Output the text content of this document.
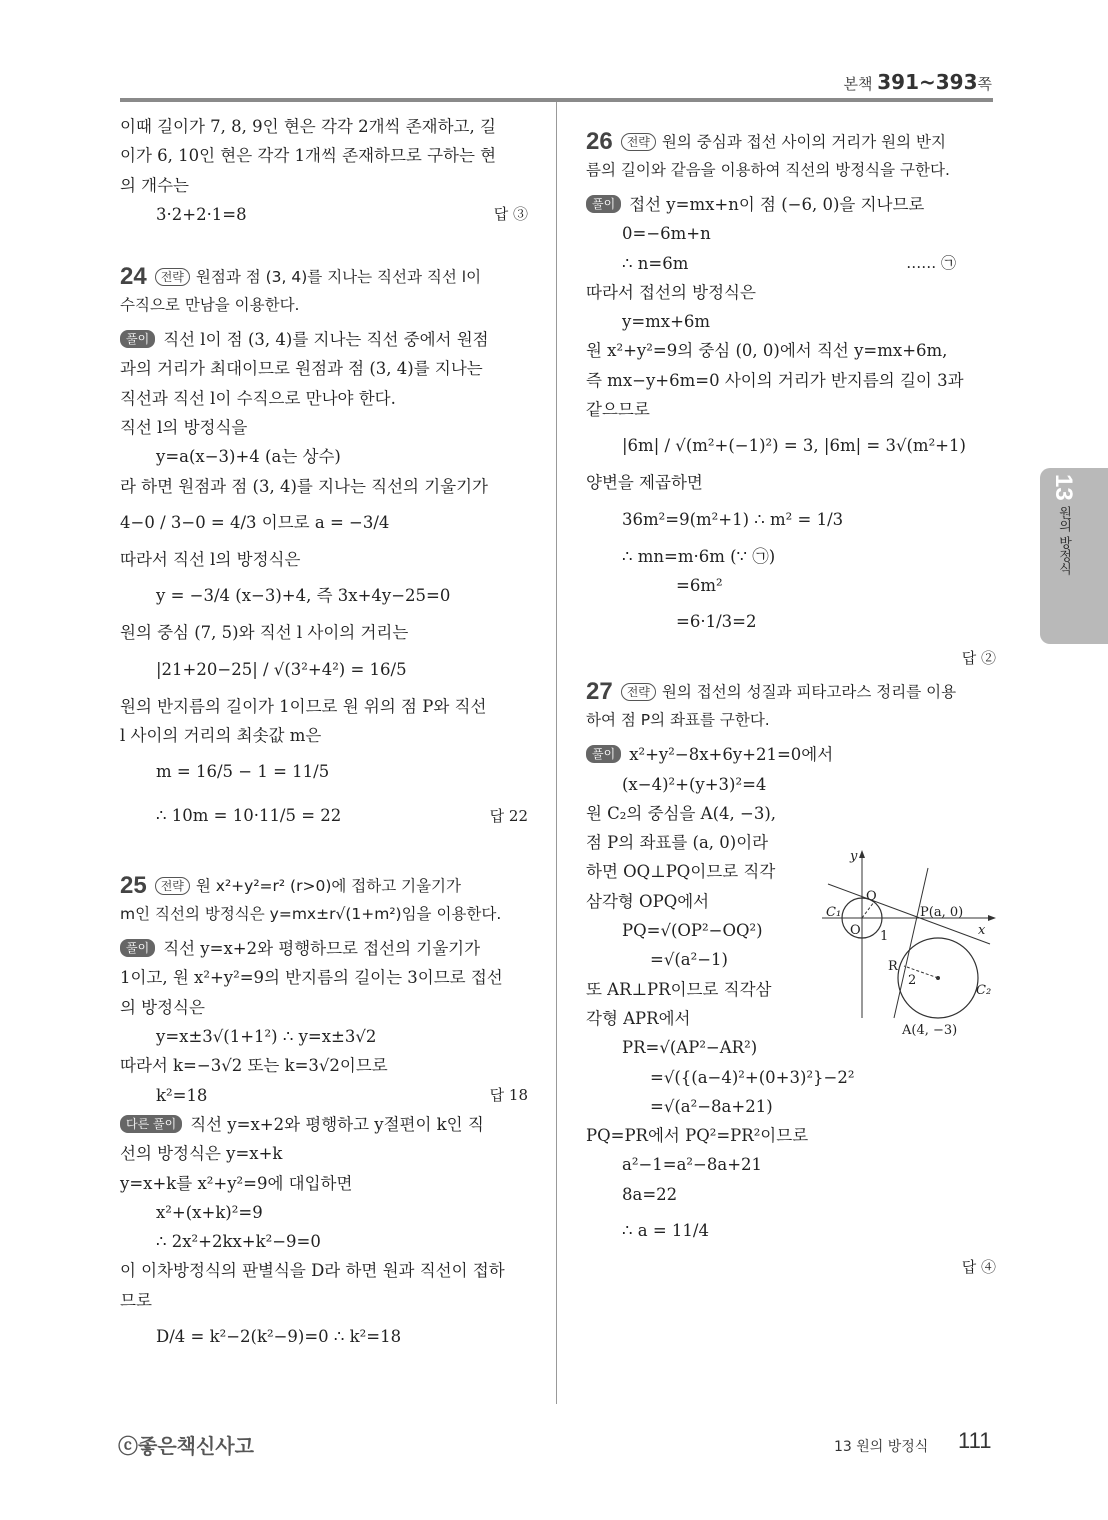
본책 391~393쪽
이때 길이가 7, 8, 9인 현은 각각 2개씩 존재하고, 길
이가 6, 10인 현은 각각 1개씩 존재하므로 구하는 현
의 개수는
3·2+2·1=8	답 ③
24 전략 원점과 점 (3, 4)를 지나는 직선과 직선 l이
수직으로 만남을 이용한다.
풀이 직선 l이 점 (3, 4)를 지나는 직선 중에서 원점
과의 거리가 최대이므로 원점과 점 (3, 4)를 지나는
직선과 직선 l이 수직으로 만나야 한다.
직선 l의 방정식을
y=a(x−3)+4 (a는 상수)
라 하면 원점과 점 (3, 4)를 지나는 직선의 기울기가
4−0 / 3−0 = 4/3 이므로 a = −3/4
따라서 직선 l의 방정식은
y = −3/4 (x−3)+4, 즉 3x+4y−25=0
원의 중심 (7, 5)와 직선 l 사이의 거리는
|21+20−25| / √(3²+4²) = 16/5
원의 반지름의 길이가 1이므로 원 위의 점 P와 직선
l 사이의 거리의 최솟값 m은
m = 16/5 − 1 = 11/5
∴ 10m = 10·11/5 = 22	답 22
25 전략 원 x²+y²=r² (r>0)에 접하고 기울기가
m인 직선의 방정식은 y=mx±r√(1+m²)임을 이용한다.
풀이 직선 y=x+2와 평행하므로 접선의 기울기가
1이고, 원 x²+y²=9의 반지름의 길이는 3이므로 접선
의 방정식은
y=x±3√(1+1²) ∴ y=x±3√2
따라서 k=−3√2 또는 k=3√2이므로
k²=18	답 18
다른 풀이 직선 y=x+2와 평행하고 y절편이 k인 직
선의 방정식은 y=x+k
y=x+k를 x²+y²=9에 대입하면
x²+(x+k)²=9
∴ 2x²+2kx+k²−9=0
이 이차방정식의 판별식을 D라 하면 원과 직선이 접하
므로
D/4 = k²−2(k²−9)=0 ∴ k²=18
26 전략 원의 중심과 접선 사이의 거리가 원의 반지
름의 길이와 같음을 이용하여 직선의 방정식을 구한다.
풀이 접선 y=mx+n이 점 (−6, 0)을 지나므로
0=−6m+n
∴ n=6m	…… ㉠
따라서 접선의 방정식은
y=mx+6m
원 x²+y²=9의 중심 (0, 0)에서 직선 y=mx+6m,
즉 mx−y+6m=0 사이의 거리가 반지름의 길이 3과
같으므로
|6m| / √(m²+(−1)²) = 3, |6m| = 3√(m²+1)
양변을 제곱하면
36m²=9(m²+1) ∴ m² = 1/3
∴ mn=m·6m (∵ ㉠)
=6m²
=6·1/3=2
답 ②
27 전략 원의 접선의 성질과 피타고라스 정리를 이용
하여 점 P의 좌표를 구한다.
풀이 x²+y²−8x+6y+21=0에서
(x−4)²+(y+3)²=4
원 C₂의 중심을 A(4, −3),
점 P의 좌표를 (a, 0)이라
하면 OQ⊥PQ이므로 직각
삼각형 OPQ에서
PQ=√(OP²−OQ²)
=√(a²−1)
또 AR⊥PR이므로 직각삼
각형 APR에서
PR=√(AP²−AR²)
=√({(a−4)²+(0+3)²}−2²
=√(a²−8a+21)
PQ=PR에서 PQ²=PR²이므로
a²−1=a²−8a+21
8a=22
∴ a = 11/4
답 ④
y
x
C₁
Q
O 1
P(a, 0)
R
2
C₂
A(4, −3)
13
원의 방정식
ⓒ좋은책신사고	13 원의 방정식 111
